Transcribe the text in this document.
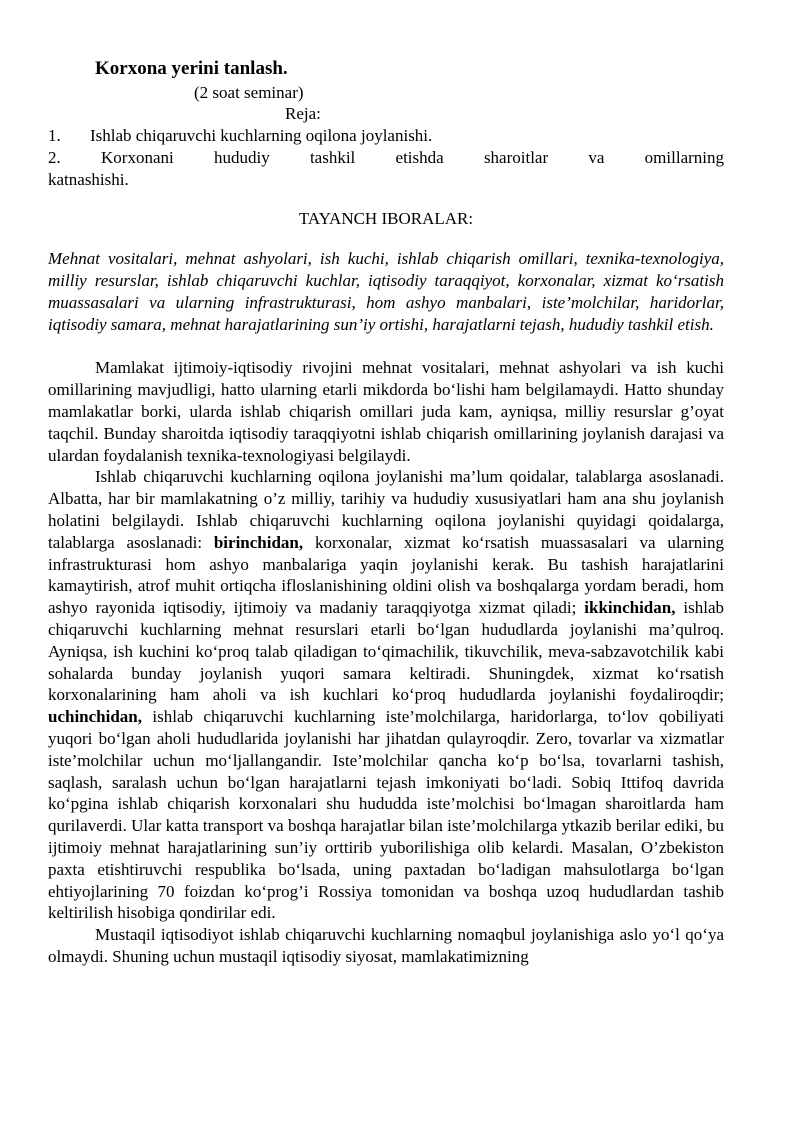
Korxona yerini tanlash.
(2 soat seminar)
Reja:
1.	Ishlab chiqaruvchi kuchlarning oqilona joylanishi.
2. Korxonani hududiy tashkil etishda sharoitlar va omillarning
katnashishi.
TAYANCH IBORALAR:
Mehnat vositalari, mehnat ashyolari, ish kuchi, ishlab chiqarish omillari, texnika-texnologiya, milliy resurslar, ishlab chiqaruvchi kuchlar, iqtisodiy taraqqiyot, korxonalar, xizmat ko‘rsatish muassasalari va ularning infrastrukturasi, hom ashyo manbalari, iste’molchilar, haridorlar, iqtisodiy samara, mehnat harajatlarining sun’iy ortishi, harajatlarni tejash, hududiy tashkil etish.

Mamlakat ijtimoiy-iqtisodiy rivojini mehnat vositalari, mehnat ashyolari va ish kuchi omillarining mavjudligi, hatto ularning etarli mikdorda bo‘lishi ham belgilamaydi. Hatto shunday mamlakatlar borki, ularda ishlab chiqarish omillari juda kam, ayniqsa, milliy resurslar g’oyat taqchil. Bunday sharoitda iqtisodiy taraqqiyotni ishlab chiqarish omillarining joylanish darajasi va ulardan foydalanish texnika-texnologiyasi belgilaydi.

Ishlab chiqaruvchi kuchlarning oqilona joylanishi ma’lum qoidalar, talablarga asoslanadi. Albatta, har bir mamlakatning o’z milliy, tarihiy va hududiy xususiyatlari ham ana shu joylanish holatini belgilaydi. Ishlab chiqaruvchi kuchlarning oqilona joylanishi quyidagi qoidalarga, talablarga asoslanadi: birinchidan, korxonalar, xizmat ko‘rsatish muassasalari va ularning infrastrukturasi hom ashyo manbalariga yaqin joylanishi kerak. Bu tashish harajatlarini kamaytirish, atrof muhit ortiqcha ifloslanishining oldini olish va boshqalarga yordam beradi, hom ashyo rayonida iqtisodiy, ijtimoiy va madaniy taraqqiyotga xizmat qiladi; ikkinchidan, ishlab chiqaruvchi kuchlarning mehnat resurslari etarli bo‘lgan hududlarda joylanishi ma’qulroq. Ayniqsa, ish kuchini ko‘proq talab qiladigan to‘qimachilik, tikuvchilik, meva-sabzavotchilik kabi sohalarda bunday joylanish yuqori samara keltiradi. Shuningdek, xizmat ko‘rsatish korxonalarining ham aholi va ish kuchlari ko‘proq hududlarda joylanishi foydaliroqdir; uchinchidan, ishlab chiqaruvchi kuchlarning iste’molchilarga, haridorlarga, to‘lov qobiliyati yuqori bo‘lgan aholi hududlarida joylanishi har jihatdan qulayroqdir. Zero, tovarlar va xizmatlar iste’molchilar uchun mo‘ljallangandir. Iste’molchilar qancha ko‘p bo‘lsa, tovarlarni tashish, saqlash, saralash uchun bo‘lgan harajatlarni tejash imkoniyati bo‘ladi. Sobiq Ittifoq davrida ko‘pgina ishlab chiqarish korxonalari shu hududda iste’molchisi bo‘lmagan sharoitlarda ham qurilaverdi. Ular katta transport va boshqa harajatlar bilan iste’molchilarga ytkazib berilar ediki, bu ijtimoiy mehnat harajatlarining sun’iy orttirib yuborilishiga olib kelardi. Masalan, O’zbekiston paxta etishtiruvchi respublika bo‘lsada, uning paxtadan bo‘ladigan mahsulotlarga bo‘lgan ehtiyojlarining 70 foizdan ko‘prog’i Rossiya tomonidan va boshqa uzoq hududlardan tashib keltirilish hisobiga qondirilar edi.

Mustaqil iqtisodiyot ishlab chiqaruvchi kuchlarning nomaqbul joylanishiga aslo yo‘l qo‘ya olmaydi. Shuning uchun mustaqil iqtisodiy siyosat, mamlakatimizning
